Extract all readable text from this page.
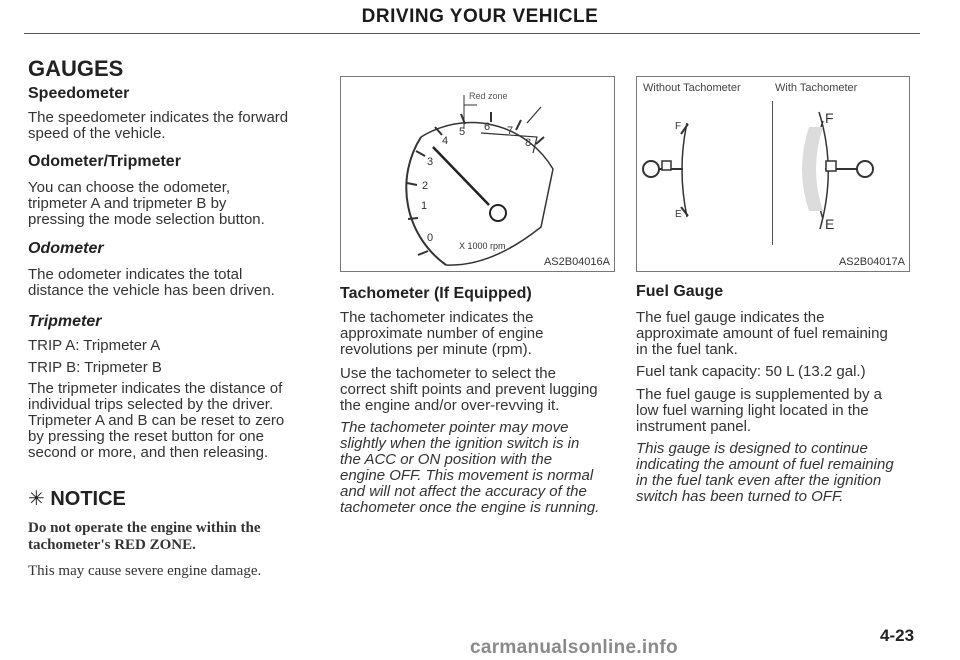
DRIVING YOUR VEHICLE
GAUGES
Speedometer
The speedometer indicates the forward
speed of the vehicle.
Odometer/Tripmeter
You can choose the odometer,
tripmeter A and tripmeter B by
pressing the mode selection button.
Odometer
The odometer indicates the total
distance the vehicle has been driven.
Tripmeter
TRIP A: Tripmeter A
TRIP B: Tripmeter B
The tripmeter indicates the distance of
individual trips selected by the driver.
Tripmeter A and B can be reset to zero
by pressing the reset button for one
second or more, and then releasing.
✳ NOTICE
Do not operate the engine within the
tachometer's RED ZONE.
This may cause severe engine damage.
0
1
2
3
4
5 6 7
8
Red zone
X 1000 rpm
AS2B04016A
Tachometer (If Equipped)
The tachometer indicates the
approximate number of engine
revolutions per minute (rpm).
Use the tachometer to select the
correct shift points and prevent lugging
the engine and/or over-revving it.
The tachometer pointer may move
slightly when the ignition switch is in
the ACC or ON position with the
engine OFF. This movement is normal
and will not affect the accuracy of the
tachometer once the engine is running.
Without Tachometer	With Tachometer
F
E
F
E
AS2B04017A
Fuel Gauge
The fuel gauge indicates the
approximate amount of fuel remaining
in the fuel tank.
Fuel tank capacity: 50 L (13.2 gal.)
The fuel gauge is supplemented by a
low fuel warning light located in the
instrument panel.
This gauge is designed to continue
indicating the amount of fuel remaining
in the fuel tank even after the ignition
switch has been turned to OFF.
4-23
carmanualsonline.info
